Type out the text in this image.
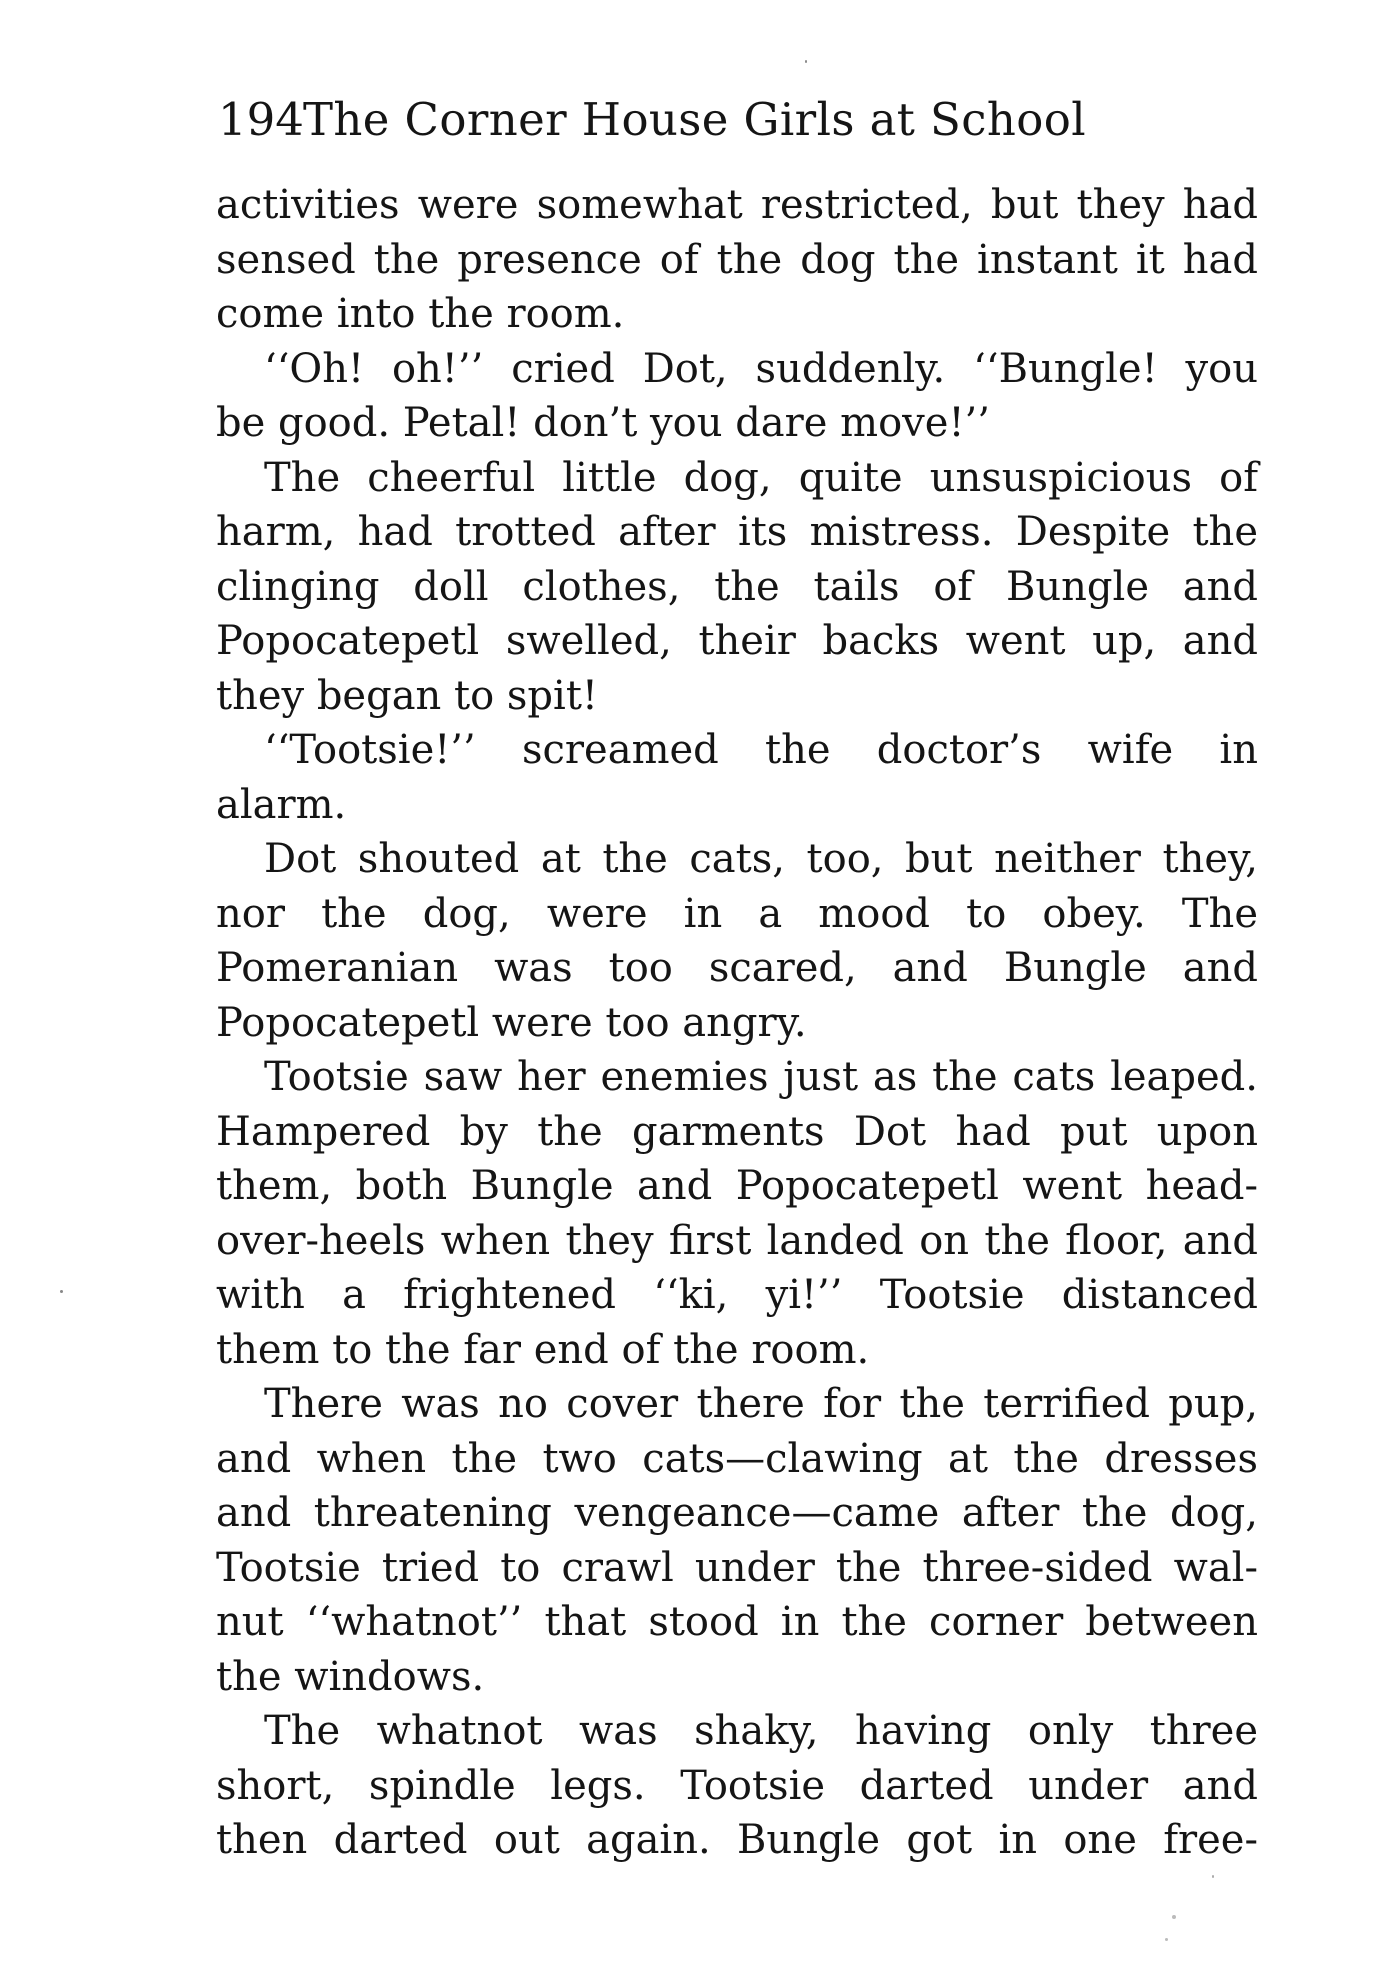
194The Corner House Girls at School
activities were somewhat restricted, but they had
sensed the presence of the dog the instant it had
come into the room.
‘‘Oh! oh!’’ cried Dot, suddenly. ‘‘Bungle! you
be good. Petal! don’t you dare move!’’
The cheerful little dog, quite unsuspicious of
harm, had trotted after its mistress. Despite the
clinging doll clothes, the tails of Bungle and
Popocatepetl swelled, their backs went up, and
they began to spit!
‘‘Tootsie!’’ screamed the doctor’s wife in
alarm.
Dot shouted at the cats, too, but neither they,
nor the dog, were in a mood to obey. The
Pomeranian was too scared, and Bungle and
Popocatepetl were too angry.
Tootsie saw her enemies just as the cats leaped.
Hampered by the garments Dot had put upon
them, both Bungle and Popocatepetl went head-
over-heels when they first landed on the floor, and
with a frightened ‘‘ki, yi!’’ Tootsie distanced
them to the far end of the room.
There was no cover there for the terrified pup,
and when the two cats—clawing at the dresses
and threatening vengeance—came after the dog,
Tootsie tried to crawl under the three-sided wal-
nut ‘‘whatnot’’ that stood in the corner between
the windows.
The whatnot was shaky, having only three
short, spindle legs. Tootsie darted under and
then darted out again. Bungle got in one free-
